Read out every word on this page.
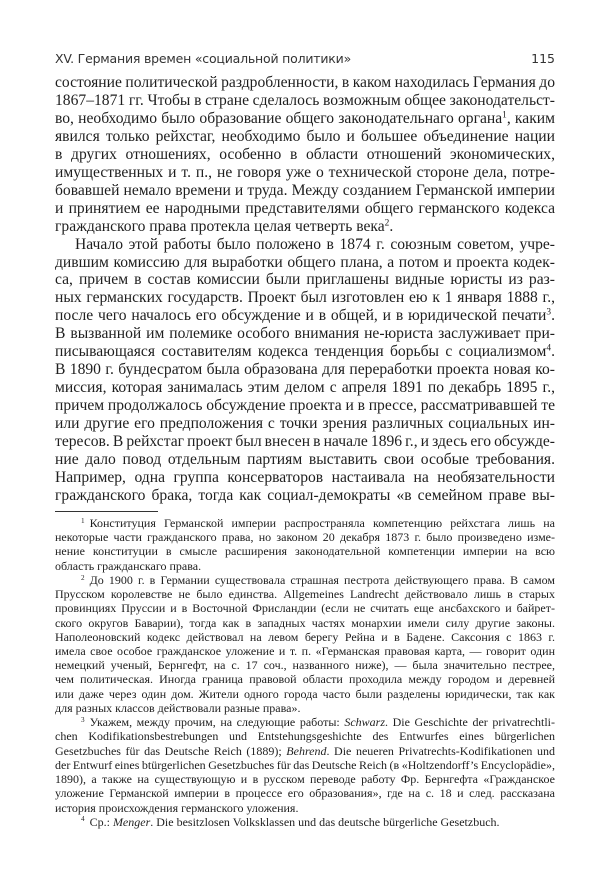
XV. Германия времен «социальной политики»	115
состояние политической раздробленности, в каком находилась Германия до
1867–1871 гг. Чтобы в стране сделалось возможным общее законодательст-
во, необходимо было образование общего законодательнаго органа$^1$, каким
явился только рейхстаг, необходимо было и большее объединение нации
в других отношениях, особенно в области отношений экономических,
имущественных и т. п., не говоря уже о технической стороне дела, потре-
бовавшей немало времени и труда. Между созданием Германской империи
и принятием ее народными представителями общего германского кодекса
гражданского права протекла целая четверть века$^2$.
Начало этой работы было положено в 1874 г. союзным советом, учре-
дившим комиссию для выработки общего плана, а потом и проекта кодек-
са, причем в состав комиссии были приглашены видные юристы из раз-
ных германских государств. Проект был изготовлен ею к 1 января 1888 г.,
после чего началось его обсуждение и в общей, и в юридической печати$^3$.
В вызванной им полемике особого внимания не-юриста заслуживает при-
писывающаяся составителям кодекса тенденция борьбы с социализмом$^4$.
В 1890 г. бундесратом была образована для переработки проекта новая ко-
миссия, которая занималась этим делом с апреля 1891 по декабрь 1895 г.,
причем продолжалось обсуждение проекта и в прессе, рассматривавшей те
или другие его предположения с точки зрения различных социальных ин-
тересов. В рейхстаг проект был внесен в начале 1896 г., и здесь его обсужде-
ние дало повод отдельным партиям выставить свои особые требования.
Например, одна группа консерваторов настаивала на необязательности
гражданского брака, тогда как социал-демократы «в семейном праве вы-
$^1$ Конституция Германской империи распространяла компетенцию рейхстага лишь на
некоторые части гражданского права, но законом 20 декабря 1873 г. было произведено изме-
нение конституции в смысле расширения законодательной компетенции империи на всю
область гражданскаго права.
$^2$ До 1900 г. в Германии существовала страшная пестрота действующего права. В самом
Прусском королевстве не было единства. Allgemeines Landrecht действовало лишь в старых
провинциях Пруссии и в Восточной Фрисландии (если не считать еще ансбахского и байрет-
ского округов Баварии), тогда как в западных частях монархии имели силу другие законы.
Наполеоновский кодекс действовал на левом берегу Рейна и в Бадене. Саксония с 1863 г.
имела свое особое гражданское уложение и т. п. «Германская правовая карта, — говорит один
немецкий ученый, Бернгефт, на с. 17 соч., названного ниже), — была значительно пестрее,
чем политическая. Иногда граница правовой области проходила между городом и деревней
или даже через один дом. Жители одного города часто были разделены юридически, так как
для разных классов действовали разные права».
$^3$ Укажем, между прочим, на следующие работы: Schwarz. Die Geschichte der privatrechtli-
chen Kodifikationsbestrebungen und Entstehungsgeshichte des Entwurfes eines bürgerlichen
Gesetzbuches für das Deutsche Reich (1889); Behrend. Die neueren Privatrechts-Kodifikationen und
der Entwurf eines btürgerlichen Gesetzbuches für das Deutsche Reich (в «Holtzendorff’s Encyclopädie»,
1890), а также на существующую и в русском переводе работу Фр. Бернгефта «Гражданское
уложение Германской империи в процессе его образования», где на с. 18 и след. рассказана
история происхождения германского уложения.
$^4$ Ср.: Menger. Die besitzlosen Volksklassen und das deutsche bürgerliche Gesetzbuch.
